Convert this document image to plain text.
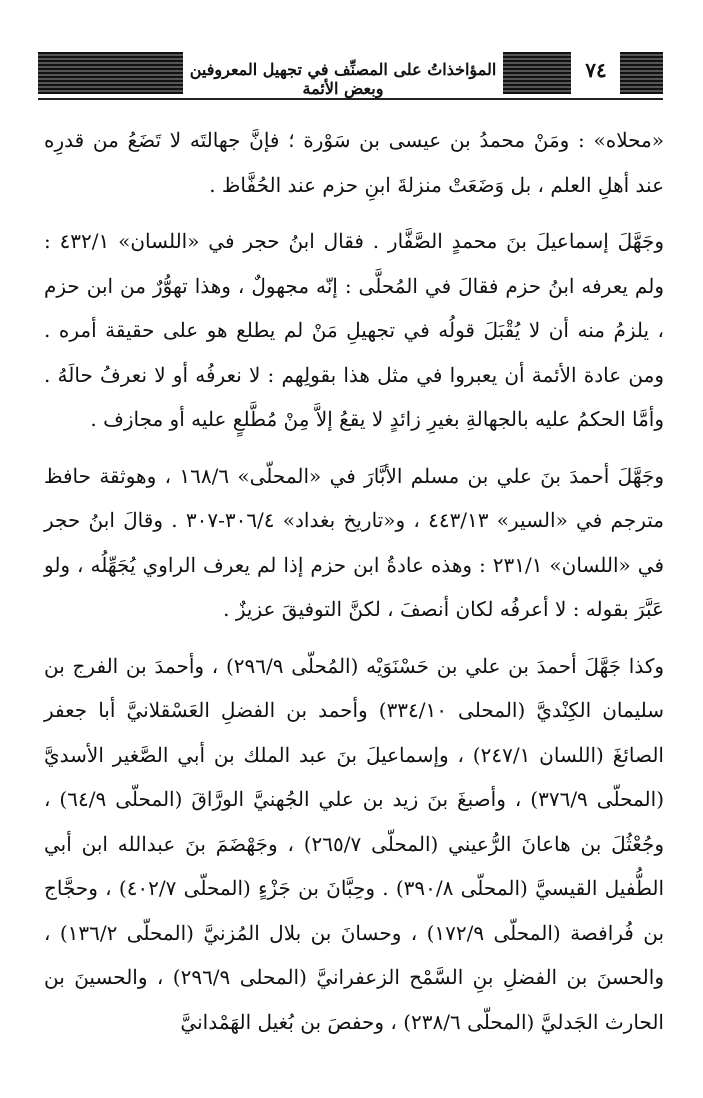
المؤاخذاتُ على المصنِّف في تجهيل المعروفين وبعض الأئمة
٧٤

«محلاه» : ومَنْ محمدُ بن عيسى بن سَوْرة ؛ فإنَّ جهالتَه لا تَضَعُ من قدرِه عند أهلِ العلم ، بل وَضَعَتْ منزلةَ ابنِ حزم عند الحُفَّاظ .

وجَهَّلَ إسماعيلَ بنَ محمدٍ الصَّفَّار . فقال ابنُ حجر في «اللسان» ٤٣٢/١ : ولم يعرفه ابنُ حزم فقالَ في المُحلَّى : إنّه مجهولٌ ، وهذا تهوُّرٌ من ابن حزم ، يلزمُ منه أن لا يُقْبَلَ قولُه في تجهيلِ مَنْ لم يطلع هو على حقيقة أمره . ومن عادة الأئمة أن يعبروا في مثل هذا بقولِهم : لا نعرفُه أو لا نعرفُ حالَهُ . وأمَّا الحكمُ عليه بالجهالةِ بغيرِ زائدٍ لا يقعُ إلاَّ مِنْ مُطَّلعٍ عليه أو مجازف .

وجَهَّلَ أحمدَ بنَ علي بن مسلم الأبَّارَ في «المحلّى» ١٦٨/٦ ، وهوثقة حافظ مترجم في «السير» ٤٤٣/١٣ ، و«تاريخ بغداد» ٣٠٦/٤-٣٠٧ . وقالَ ابنُ حجر في «اللسان» ٢٣١/١ : وهذه عادةُ ابن حزم إذا لم يعرف الراوي يُجَهِّلُه ، ولو عَبَّرَ بقوله : لا أعرفُه لكان أنصفَ ، لكنَّ التوفيقَ عزيزٌ .

وكذا جَهَّلَ أحمدَ بن علي بن حَسْنَوَيْه (المُحلّى ٢٩٦/٩) ، وأحمدَ بن الفرج بن سليمان الكِنْديَّ (المحلى ٣٣٤/١٠) وأحمد بن الفضلِ العَسْقلانيَّ أبا جعفر الصائغَ (اللسان ٢٤٧/١) ، وإسماعيلَ بنَ عبد الملك بن أبي الصَّغير الأسديَّ (المحلّى ٣٧٦/٩) ، وأصبغَ بنَ زيد بن علي الجُهنيَّ الورَّاقَ (المحلّى ٦٤/٩) ، وجُعْثُلَ بن هاعانَ الرُّعيني (المحلّى ٢٦٥/٧) ، وجَهْضَمَ بنَ عبدالله ابن أبي الطُّفيل القيسيَّ (المحلّى ٣٩٠/٨) . وحِبَّانَ بن جَزْءٍ (المحلّى ٤٠٢/٧) ، وحجَّاج بن فُرافصة (المحلّى ١٧٢/٩) ، وحسانَ بن بلال المُزنيَّ (المحلّى ١٣٦/٢) ، والحسنَ بن الفضلِ بنِ السَّمْح الزعفرانيَّ (المحلى ٢٩٦/٩) ، والحسينَ بن الحارث الجَدليَّ (المحلّى ٢٣٨/٦) ، وحفصَ بن بُغيل الهَمْدانيَّ
